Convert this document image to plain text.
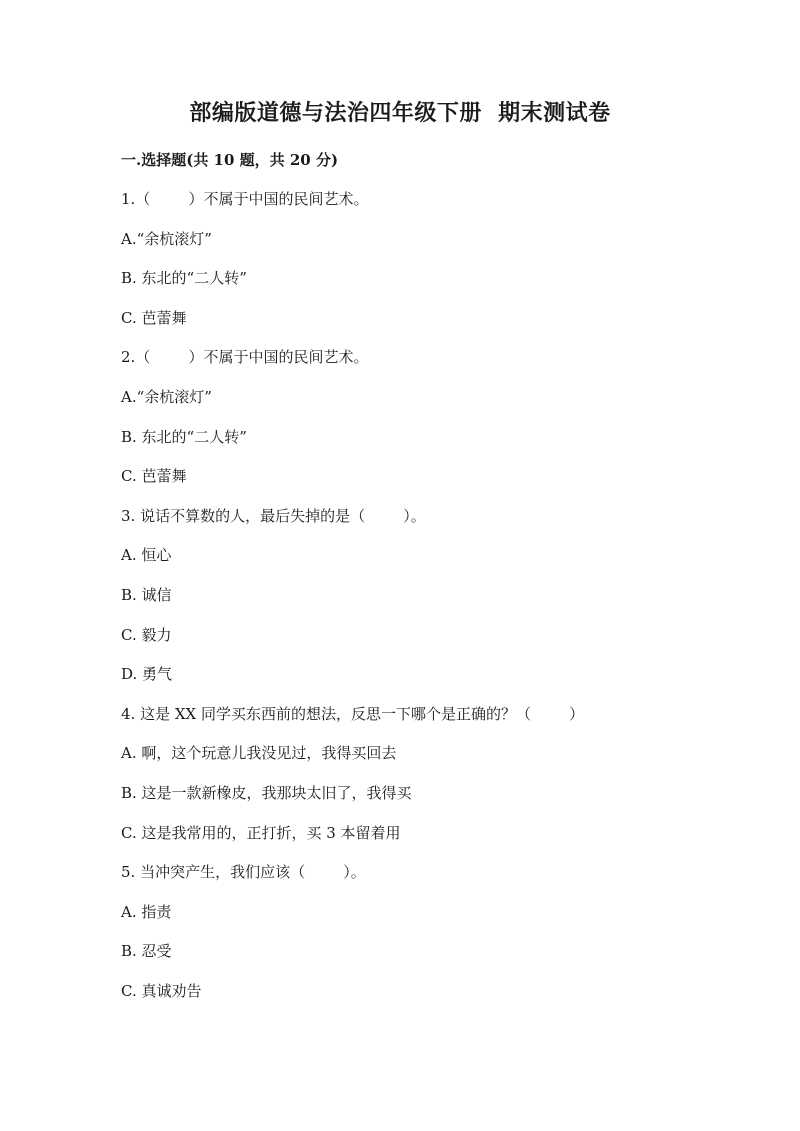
部编版道德与法治四年级下册  期末测试卷
一.选择题(共 10 题，共 20 分)
1.（        ）不属于中国的民间艺术。
A.“余杭滚灯”
B. 东北的“二人转”
C. 芭蕾舞
2.（        ）不属于中国的民间艺术。
A.“余杭滚灯”
B. 东北的“二人转”
C. 芭蕾舞
3. 说话不算数的人，最后失掉的是（        ）。
A. 恒心
B. 诚信
C. 毅力
D. 勇气
4. 这是 XX 同学买东西前的想法，反思一下哪个是正确的？（        ）
A. 啊，这个玩意儿我没见过，我得买回去
B. 这是一款新橡皮，我那块太旧了，我得买
C. 这是我常用的，正打折，买 3 本留着用
5. 当冲突产生，我们应该（        ）。
A. 指责
B. 忍受
C. 真诚劝告
